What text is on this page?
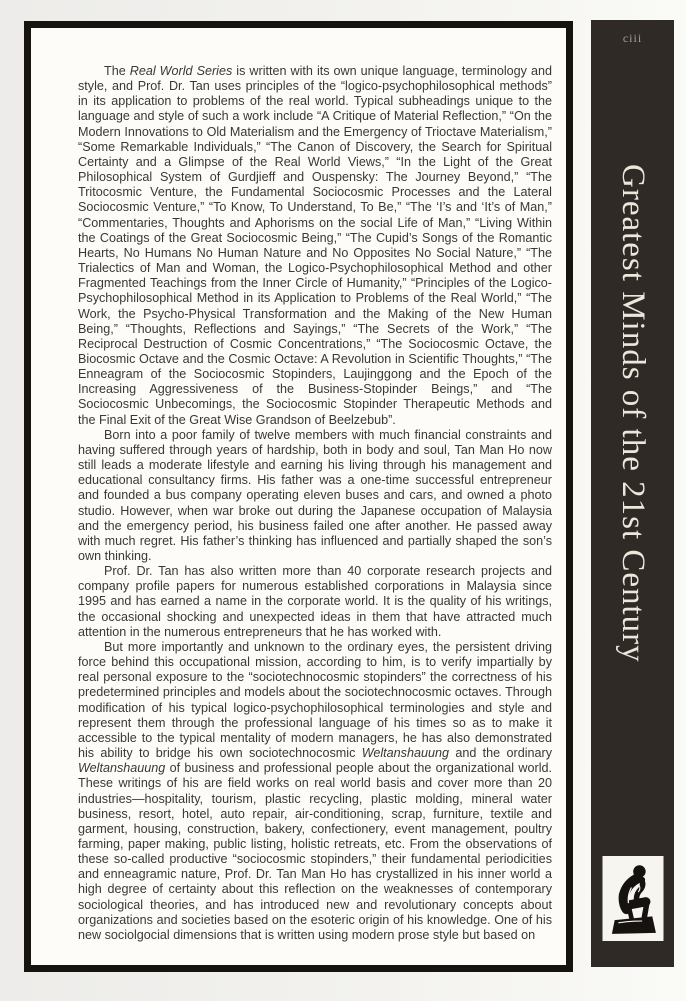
The Real World Series is written with its own unique language, terminology and style, and Prof. Dr. Tan uses principles of the “logico-psychophilosophical methods” in its application to problems of the real world. Typical subheadings unique to the language and style of such a work include “A Critique of Material Reflection,” “On the Modern Innovations to Old Materialism and the Emergency of Trioctave Materialism,” “Some Remarkable Individuals,” “The Canon of Discovery, the Search for Spiritual Certainty and a Glimpse of the Real World Views,” “In the Light of the Great Philosophical System of Gurdjieff and Ouspensky: The Journey Beyond,” “The Tritocosmic Venture, the Fundamental Sociocosmic Processes and the Lateral Sociocosmic Venture,” “To Know, To Understand, To Be,” “The ‘I’s and ‘It’s of Man,” “Commentaries, Thoughts and Aphorisms on the social Life of Man,” “Living Within the Coatings of the Great Sociocosmic Being,” “The Cupid’s Songs of the Romantic Hearts, No Humans No Human Nature and No Opposites No Social Nature,” “The Trialectics of Man and Woman, the Logico-Psychophilosophical Method and other Fragmented Teachings from the Inner Circle of Humanity,” “Principles of the Logico-Psychophilosophical Method in its Application to Problems of the Real World,” “The Work, the Psycho-Physical Transformation and the Making of the New Human Being,” “Thoughts, Reflections and Sayings,” “The Secrets of the Work,” “The Reciprocal Destruction of Cosmic Concentrations,” “The Sociocosmic Octave, the Biocosmic Octave and the Cosmic Octave: A Revolution in Scientific Thoughts,” “The Enneagram of the Sociocosmic Stopinders, Laujinggong and the Epoch of the Increasing Aggressiveness of the Business-Stopinder Beings,” and “The Sociocosmic Unbecomings, the Sociocosmic Stopinder Therapeutic Methods and the Final Exit of the Great Wise Grandson of Beelzebub”.

Born into a poor family of twelve members with much financial constraints and having suffered through years of hardship, both in body and soul, Tan Man Ho now still leads a moderate lifestyle and earning his living through his management and educational consultancy firms. His father was a one-time successful entrepreneur and founded a bus company operating eleven buses and cars, and owned a photo studio. However, when war broke out during the Japanese occupation of Malaysia and the emergency period, his business failed one after another. He passed away with much regret. His father’s thinking has influenced and partially shaped the son’s own thinking.

Prof. Dr. Tan has also written more than 40 corporate research projects and company profile papers for numerous established corporations in Malaysia since 1995 and has earned a name in the corporate world. It is the quality of his writings, the occasional shocking and unexpected ideas in them that have attracted much attention in the numerous entrepreneurs that he has worked with.

But more importantly and unknown to the ordinary eyes, the persistent driving force behind this occupational mission, according to him, is to verify impartially by real personal exposure to the “sociotechnocosmic stopinders” the correctness of his predetermined principles and models about the sociotechnocosmic octaves. Through modification of his typical logico-psychophilosophical terminologies and style and represent them through the professional language of his times so as to make it accessible to the typical mentality of modern managers, he has also demonstrated his ability to bridge his own sociotechnocosmic Weltanshauung and the ordinary Weltanshauung of business and professional people about the organizational world. These writings of his are field works on real world basis and cover more than 20 industries—hospitality, tourism, plastic recycling, plastic molding, mineral water business, resort, hotel, auto repair, air-conditioning, scrap, furniture, textile and garment, housing, construction, bakery, confectionery, event management, poultry farming, paper making, public listing, holistic retreats, etc. From the observations of these so-called productive “sociocosmic stopinders,” their fundamental periodicities and enneagramic nature, Prof. Dr. Tan Man Ho has crystallized in his inner world a high degree of certainty about this reflection on the weaknesses of contemporary sociological theories, and has introduced new and revolutionary concepts about organizations and societies based on the esoteric origin of his knowledge. One of his new sociolgocial dimensions that is written using modern prose style but based on

ciii
Greatest Minds of the 21st Century
